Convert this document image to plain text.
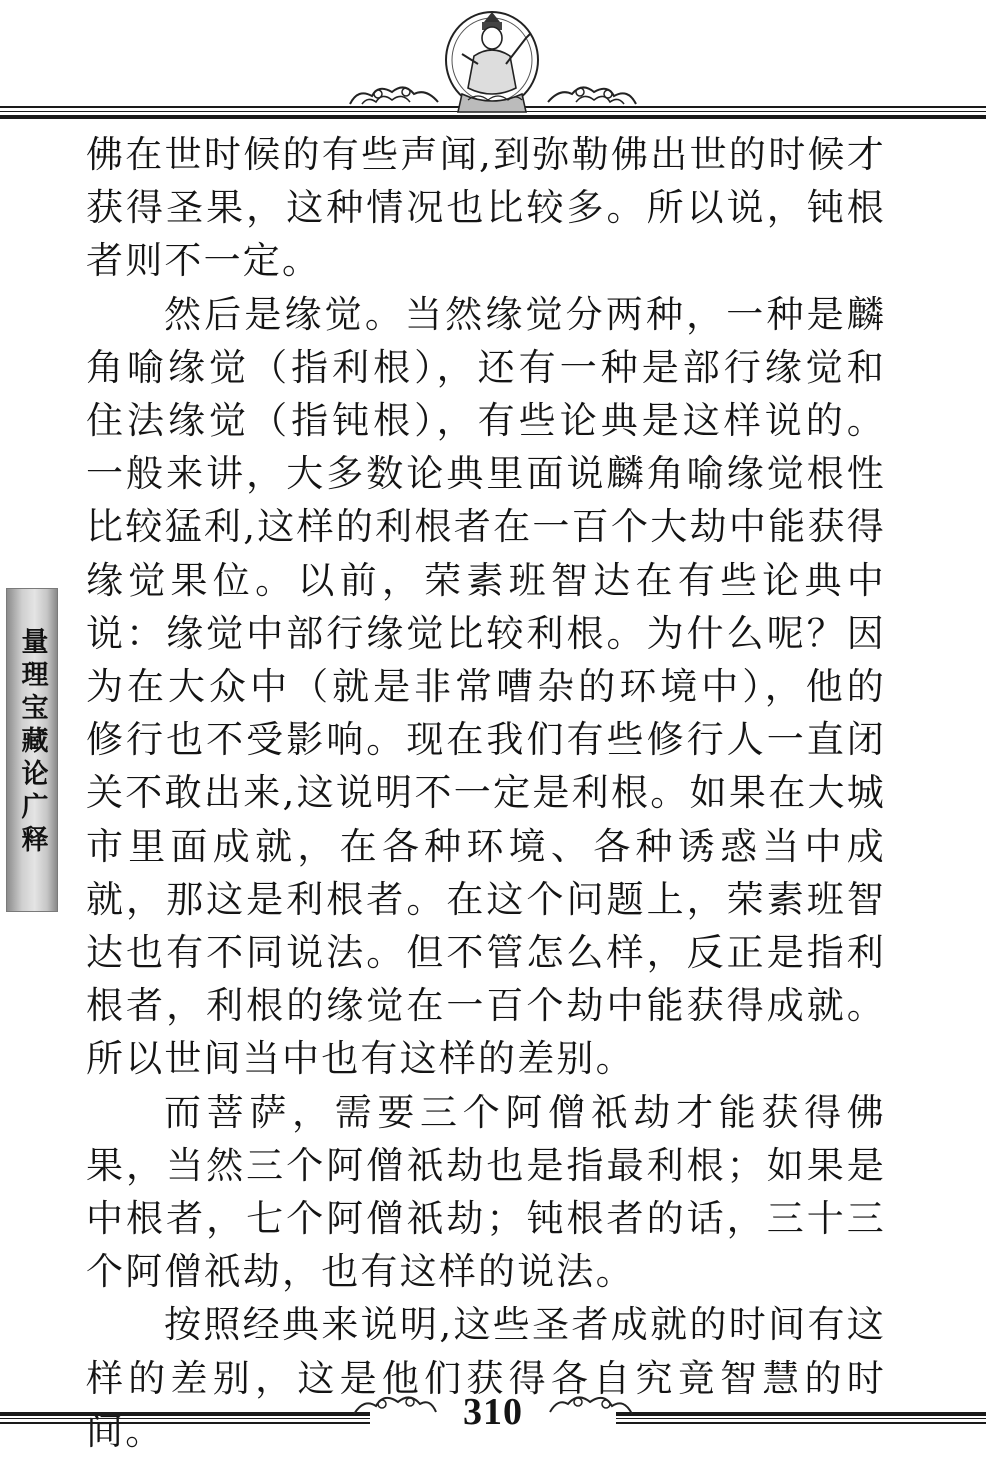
量理宝藏论广释

佛在世时候的有些声闻,到弥勒佛出世的时候才获得圣果，这种情况也比较多。所以说，钝根者则不一定。

然后是缘觉。当然缘觉分两种，一种是麟角喻缘觉（指利根），还有一种是部行缘觉和住法缘觉（指钝根），有些论典是这样说的。一般来讲，大多数论典里面说麟角喻缘觉根性比较猛利,这样的利根者在一百个大劫中能获得缘觉果位。以前，荣素班智达在有些论典中说：缘觉中部行缘觉比较利根。为什么呢？因为在大众中（就是非常嘈杂的环境中），他的修行也不受影响。现在我们有些修行人一直闭关不敢出来,这说明不一定是利根。如果在大城市里面成就，在各种环境、各种诱惑当中成就，那这是利根者。在这个问题上，荣素班智达也有不同说法。但不管怎么样，反正是指利根者，利根的缘觉在一百个劫中能获得成就。所以世间当中也有这样的差别。

而菩萨，需要三个阿僧祇劫才能获得佛果，当然三个阿僧祇劫也是指最利根；如果是中根者，七个阿僧祇劫；钝根者的话，三十三个阿僧祇劫，也有这样的说法。

按照经典来说明,这些圣者成就的时间有这样的差别，这是他们获得各自究竟智慧的时间。	310
